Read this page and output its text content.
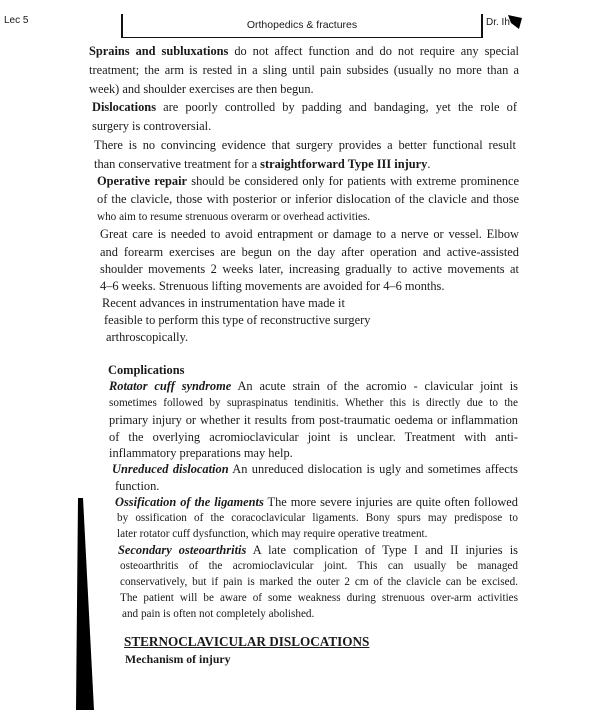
Lec 5	Orthopedics & fractures	Dr. Ih
Sprains and subluxations do not affect function and do not require any special
treatment; the arm is rested in a sling until pain subsides (usually no more than a
week) and shoulder exercises are then begun.
Dislocations are poorly controlled by padding and bandaging, yet the role of
surgery is controversial.
There is no convincing evidence that surgery provides a better functional result
than conservative treatment for a straightforward Type III injury.
Operative repair should be considered only for patients with extreme prominence
of the clavicle, those with posterior or inferior dislocation of the clavicle and those
who aim to resume strenuous overarm or overhead activities.
Great care is needed to avoid entrapment or damage to a nerve or vessel. Elbow
and forearm exercises are begun on the day after operation and active-assisted
shoulder movements 2 weeks later, increasing gradually to active movements at
4–6 weeks. Strenuous lifting movements are avoided for 4–6 months.
Recent advances in instrumentation have made it
feasible to perform this type of reconstructive surgery
arthroscopically.
Complications
Rotator cuff syndrome An acute strain of the acromio - clavicular joint is
sometimes followed by supraspinatus tendinitis. Whether this is directly due to the
primary injury or whether it results from post-traumatic oedema or inflammation
of the overlying acromioclavicular joint is unclear. Treatment with anti-
inflammatory preparations may help.
Unreduced dislocation An unreduced dislocation is ugly and sometimes affects
function.
Ossification of the ligaments The more severe injuries are quite often followed
by ossification of the coracoclavicular ligaments. Bony spurs may predispose to
later rotator cuff dysfunction, which may require operative treatment.
Secondary osteoarthritis A late complication of Type I and II injuries is
osteoarthritis of the acromioclavicular joint. This can usually be managed
conservatively, but if pain is marked the outer 2 cm of the clavicle can be excised.
The patient will be aware of some weakness during strenuous over-arm activities
and pain is often not completely abolished.
STERNOCLAVICULAR DISLOCATIONS
Mechanism of injury
